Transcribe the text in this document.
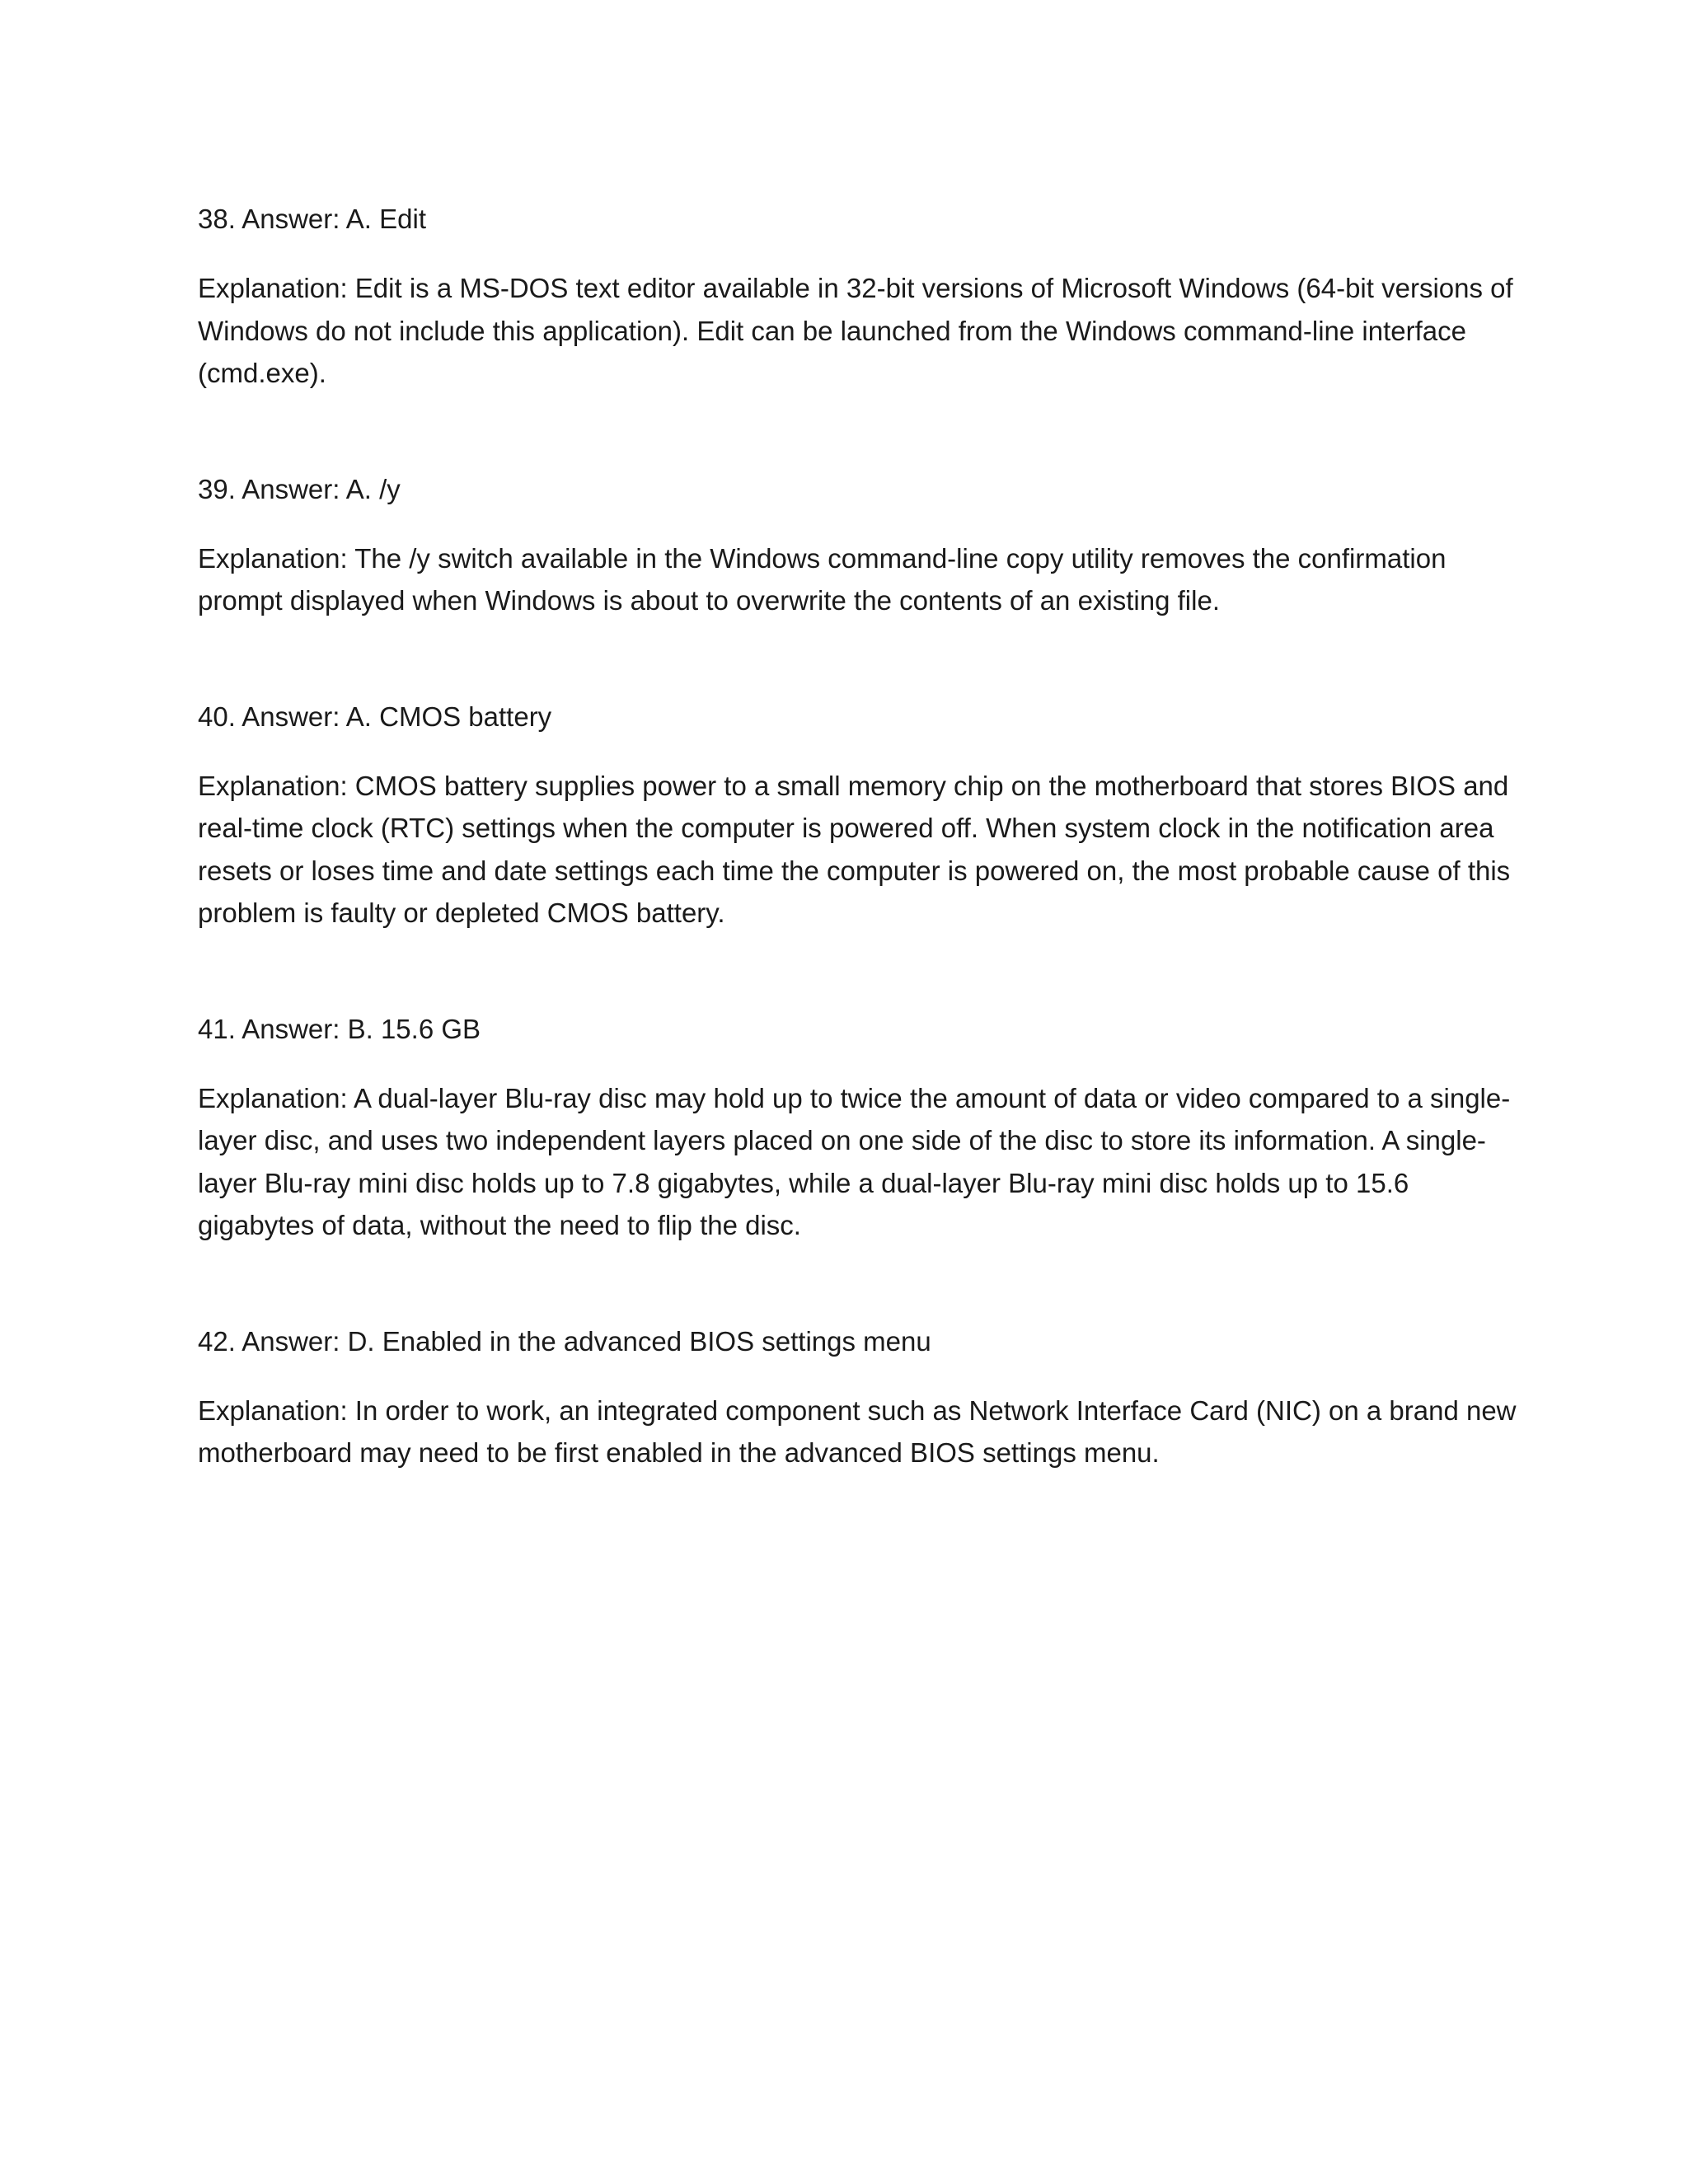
38. Answer: A. Edit

Explanation: Edit is a MS-DOS text editor available in 32-bit versions of Microsoft Windows (64-bit versions of Windows do not include this application). Edit can be launched from the Windows command-line interface (cmd.exe).

39. Answer: A. /y

Explanation: The /y switch available in the Windows command-line copy utility removes the confirmation prompt displayed when Windows is about to overwrite the contents of an existing file.

40. Answer: A. CMOS battery

Explanation: CMOS battery supplies power to a small memory chip on the motherboard that stores BIOS and real-time clock (RTC) settings when the computer is powered off. When system clock in the notification area resets or loses time and date settings each time the computer is powered on, the most probable cause of this problem is faulty or depleted CMOS battery.

41. Answer: B. 15.6 GB

Explanation: A dual-layer Blu-ray disc may hold up to twice the amount of data or video compared to a single-layer disc, and uses two independent layers placed on one side of the disc to store its information. A single-layer Blu-ray mini disc holds up to 7.8 gigabytes, while a dual-layer Blu-ray mini disc holds up to 15.6 gigabytes of data, without the need to flip the disc.

42. Answer: D. Enabled in the advanced BIOS settings menu

Explanation: In order to work, an integrated component such as Network Interface Card (NIC) on a brand new motherboard may need to be first enabled in the advanced BIOS settings menu.
